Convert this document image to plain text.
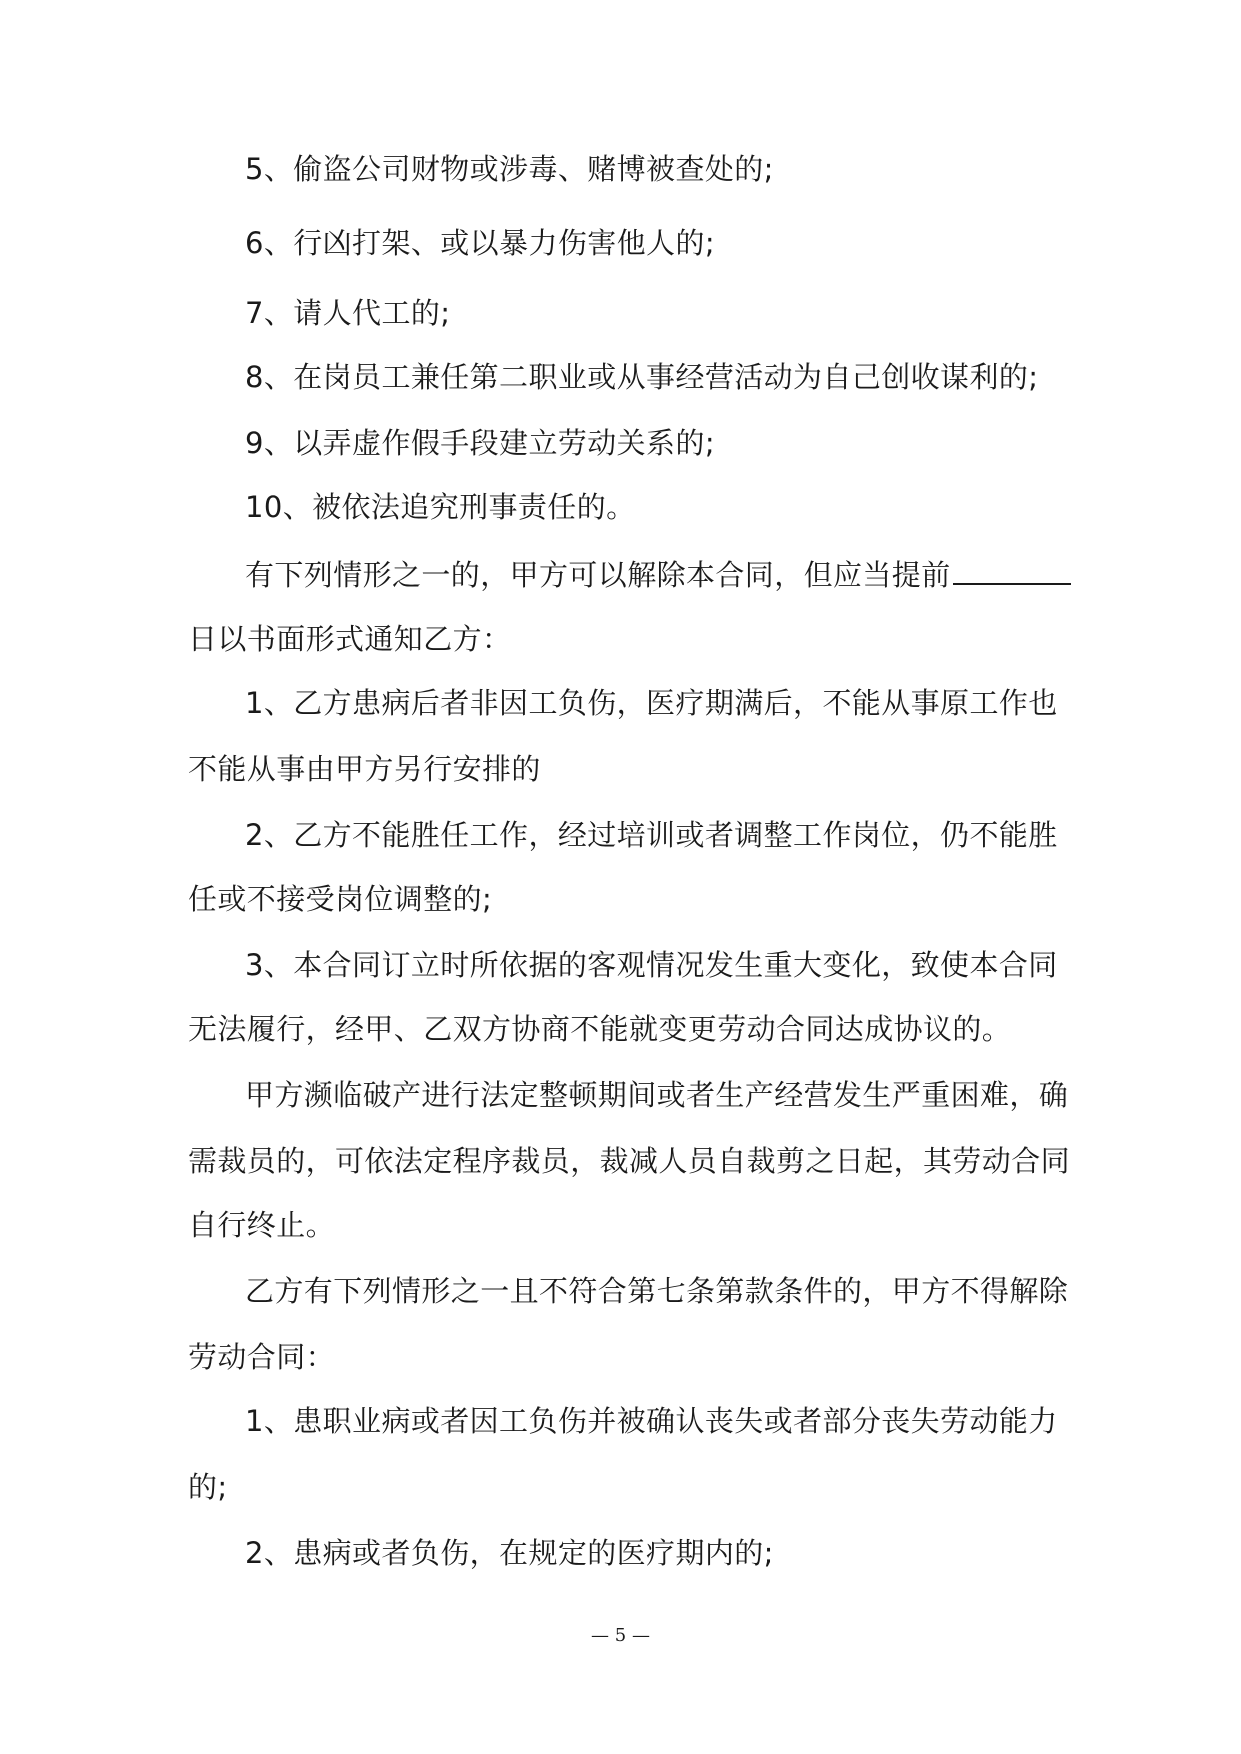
5、偷盗公司财物或涉毒、赌博被查处的;
6、行凶打架、或以暴力伤害他人的;
7、请人代工的;
8、在岗员工兼任第二职业或从事经营活动为自己创收谋利的;
9、以弄虚作假手段建立劳动关系的;
10、被依法追究刑事责任的。
有下列情形之一的，甲方可以解除本合同，但应当提前
日以书面形式通知乙方：
1、乙方患病后者非因工负伤，医疗期满后，不能从事原工作也
不能从事由甲方另行安排的
2、乙方不能胜任工作，经过培训或者调整工作岗位，仍不能胜
任或不接受岗位调整的;
3、本合同订立时所依据的客观情况发生重大变化，致使本合同
无法履行，经甲、乙双方协商不能就变更劳动合同达成协议的。
甲方濒临破产进行法定整顿期间或者生产经营发生严重困难，确
需裁员的，可依法定程序裁员，裁减人员自裁剪之日起，其劳动合同
自行终止。
乙方有下列情形之一且不符合第七条第款条件的，甲方不得解除
劳动合同：
1、患职业病或者因工负伤并被确认丧失或者部分丧失劳动能力
的;
2、患病或者负伤，在规定的医疗期内的;
— 5 —
